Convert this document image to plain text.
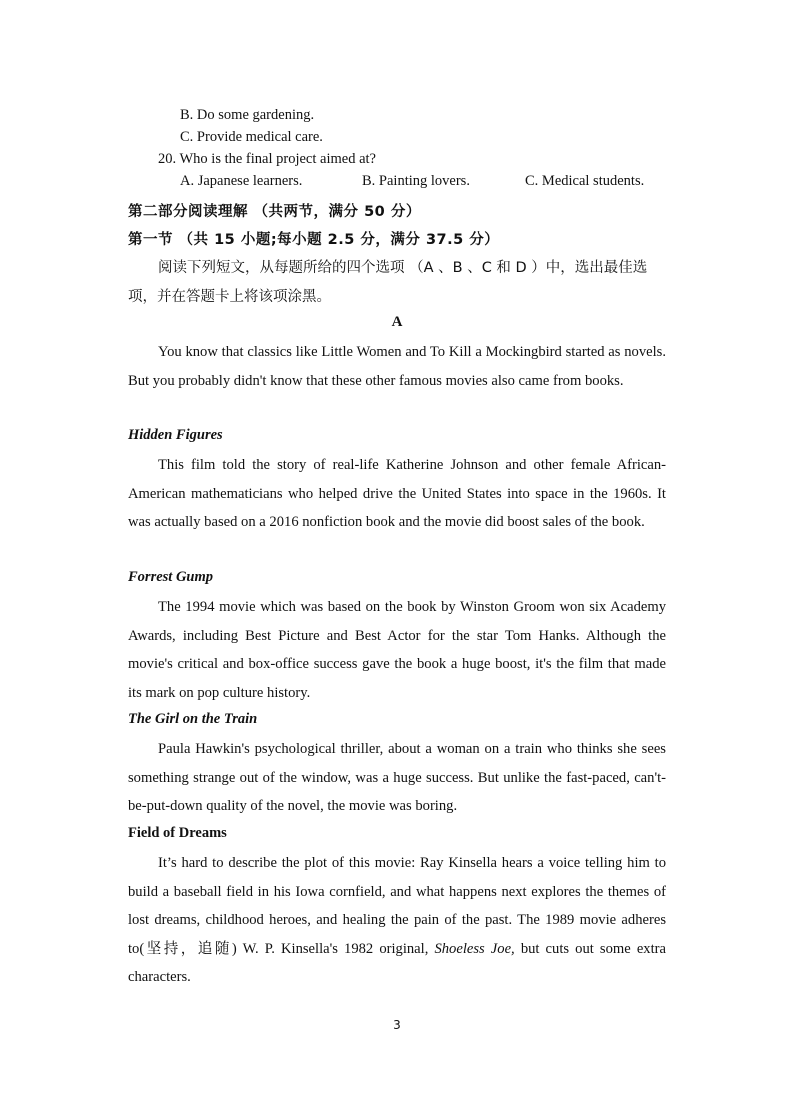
B. Do some gardening.
C. Provide medical care.
20. Who is the final project aimed at?
A. Japanese learners.	B. Painting lovers.	C. Medical students.
第二部分阅读理解 （共两节，满分 50 分）
第一节 （共 15 小题;每小题 2.5 分，满分 37.5 分）
阅读下列短文，从每题所给的四个选项 （A 、B 、C 和 D ）中，选出最佳选项，并在答题卡上将该项涂黑。
A
You know that classics like Little Women and To Kill a Mockingbird started as novels. But you probably didn't know that these other famous movies also came from books.
Hidden Figures
This film told the story of real-life Katherine Johnson and other female African-American mathematicians who helped drive the United States into space in the 1960s. It was actually based on a 2016 nonfiction book and the movie did boost sales of the book.
Forrest Gump
The 1994 movie which was based on the book by Winston Groom won six Academy Awards, including Best Picture and Best Actor for the star Tom Hanks. Although the movie's critical and box-office success gave the book a huge boost, it's the film that made its mark on pop culture history.
The Girl on the Train
Paula Hawkin's psychological thriller, about a woman on a train who thinks she sees something strange out of the window, was a huge success. But unlike the fast-paced, can't-be-put-down quality of the novel, the movie was boring.
Field of Dreams
It’s hard to describe the plot of this movie: Ray Kinsella hears a voice telling him to build a baseball field in his Iowa cornfield, and what happens next explores the themes of lost dreams, childhood heroes, and healing the pain of the past. The 1989 movie adheres to(坚持，追随) W. P. Kinsella's 1982 original, Shoeless Joe, but cuts out some extra characters.
3
